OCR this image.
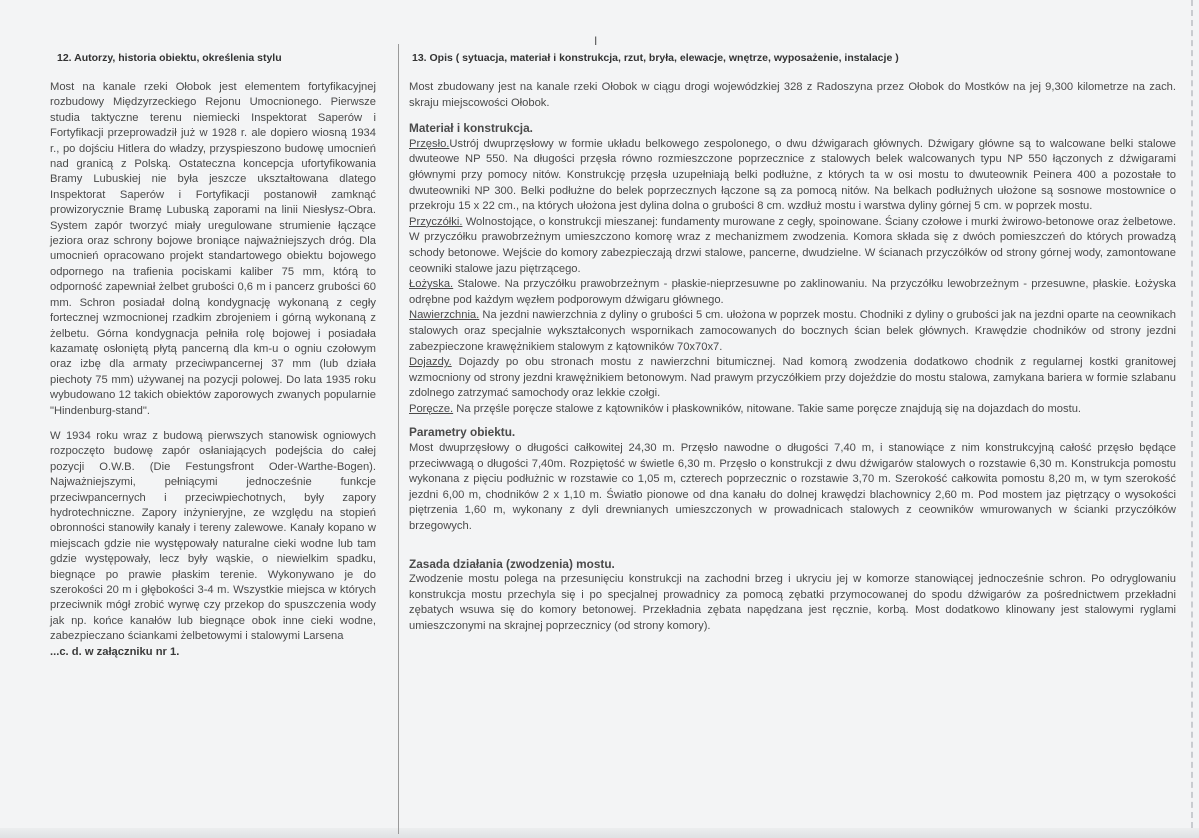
I
12. Autorzy, historia obiektu, określenia stylu	13. Opis ( sytuacja, materiał i konstrukcja, rzut, bryła, elewacje, wnętrze, wyposażenie, instalacje )

Most na kanale rzeki Ołobok jest elementem fortyfikacyjnej rozbudowy Międzyrzeckiego Rejonu Umocnionego. Pierwsze studia taktyczne terenu niemiecki Inspektorat Saperów i Fortyfikacji przeprowadził już w 1928 r. ale dopiero wiosną 1934 r., po dojściu Hitlera do władzy, przyspieszono budowę umocnień nad granicą z Polską. Ostateczna koncepcja ufortyfikowania Bramy Lubuskiej nie była jeszcze ukształtowana dlatego Inspektorat Saperów i Fortyfikacji postanowił zamknąć prowizorycznie Bramę Lubuską zaporami na linii Niesłysz-Obra. System zapór tworzyć miały uregulowane strumienie łączące jeziora oraz schrony bojowe broniące najważniejszych dróg. Dla umocnień opracowano projekt standartowego obiektu bojowego odpornego na trafienia pociskami kaliber 75 mm, którą to odporność zapewniał żelbet grubości 0,6 m i pancerz grubości 60 mm. Schron posiadał dolną kondygnację wykonaną z cegły fortecznej wzmocnionej rzadkim zbrojeniem i górną wykonaną z żelbetu. Górna kondygnacja pełniła rolę bojowej i posiadała kazamatę osłoniętą płytą pancerną dla km-u o ogniu czołowym oraz izbę dla armaty przeciwpancernej 37 mm (lub działa piechoty 75 mm) używanej na pozycji polowej. Do lata 1935 roku wybudowano 12 takich obiektów zaporowych zwanych popularnie "Hindenburg-stand".

W 1934 roku wraz z budową pierwszych stanowisk ogniowych rozpoczęto budowę zapór osłaniających podejścia do całej pozycji O.W.B. (Die Festungsfront Oder-Warthe-Bogen). Najważniejszymi, pełniącymi jednocześnie funkcje przeciwpancernych i przeciwpiechotnych, były zapory hydrotechniczne. Zapory inżynieryjne, ze względu na stopień obronności stanowiły kanały i tereny zalewowe. Kanały kopano w miejscach gdzie nie występowały naturalne cieki wodne lub tam gdzie występowały, lecz były wąskie, o niewielkim spadku, biegnące po prawie płaskim terenie. Wykonywano je do szerokości 20 m i głębokości 3-4 m. Wszystkie miejsca w których przeciwnik mógł zrobić wyrwę czy przekop do spuszczenia wody jak np. końce kanałów lub biegnące obok inne cieki wodne, zabezpieczano ściankami żelbetowymi i stalowymi Larsena

...c. d. w załączniku nr 1.

Most zbudowany jest na kanale rzeki Ołobok w ciągu drogi wojewódzkiej 328 z Radoszyna przez Ołobok do Mostków na jej 9,300 kilometrze na zach. skraju miejscowości Ołobok.

Materiał i konstrukcja.

Przęsło.Ustrój dwuprzęsłowy w formie układu belkowego zespolonego, o dwu dźwigarach głównych. Dźwigary główne są to walcowane belki stalowe dwuteowe NP 550. Na długości przęsła równo rozmieszczone poprzecznice z stalowych belek walcowanych typu NP 550 łączonych z dźwigarami głównymi przy pomocy nitów. Konstrukcję przęsła uzupełniają belki podłużne, z których ta w osi mostu to dwuteownik Peinera 400 a pozostałe to dwuteowniki NP 300. Belki podłużne do belek poprzecznych łączone są za pomocą nitów. Na belkach podłużnych ułożone są sosnowe mostownice o przekroju 15 x 22 cm., na których ułożona jest dylina dolna o grubości 8 cm. wzdłuż mostu i warstwa dyliny górnej 5 cm. w poprzek mostu.

Przyczółki. Wolnostojące, o konstrukcji mieszanej: fundamenty murowane z cegły, spoinowane. Ściany czołowe i murki żwirowo-betonowe oraz żelbetowe. W przyczółku prawobrzeżnym umieszczono komorę wraz z mechanizmem zwodzenia. Komora składa się z dwóch pomieszczeń do których prowadzą schody betonowe. Wejście do komory zabezpieczają drzwi stalowe, pancerne, dwudzielne. W ścianach przyczółków od strony górnej wody, zamontowane ceowniki stalowe jazu piętrzącego.

Łożyska. Stalowe. Na przyczółku prawobrzeżnym - płaskie-nieprzesuwne po zaklinowaniu. Na przyczółku lewobrzeżnym - przesuwne, płaskie. Łożyska odrębne pod każdym węzłem podporowym dźwigaru głównego.

Nawierzchnia. Na jezdni nawierzchnia z dyliny o grubości 5 cm. ułożona w poprzek mostu. Chodniki z dyliny o grubości jak na jezdni oparte na ceownikach stalowych oraz specjalnie wykształconych wspornikach zamocowanych do bocznych ścian belek głównych. Krawędzie chodników od strony jezdni zabezpieczone krawężnikiem stalowym z kątowników 70x70x7.

Dojazdy. Dojazdy po obu stronach mostu z nawierzchni bitumicznej. Nad komorą zwodzenia dodatkowo chodnik z regularnej kostki granitowej wzmocniony od strony jezdni krawężnikiem betonowym. Nad prawym przyczółkiem przy dojeździe do mostu stalowa, zamykana bariera w formie szlabanu zdolnego zatrzymać samochody oraz lekkie czołgi.

Poręcze. Na przęśle poręcze stalowe z kątowników i płaskowników, nitowane. Takie same poręcze znajdują się na dojazdach do mostu.

Parametry obiektu.

Most dwuprzęsłowy o długości całkowitej 24,30 m. Przęsło nawodne o długości 7,40 m, i stanowiące z nim konstrukcyjną całość przęsło będące przeciwwagą o długości 7,40m. Rozpiętość w świetle 6,30 m. Przęsło o konstrukcji z dwu dźwigarów stalowych o rozstawie 6,30 m. Konstrukcja pomostu wykonana z pięciu podłużnic w rozstawie co 1,05 m, czterech poprzecznic o rozstawie 3,70 m. Szerokość całkowita pomostu 8,20 m, w tym szerokość jezdni 6,00 m, chodników 2 x 1,10 m. Światło pionowe od dna kanału do dolnej krawędzi blachownicy 2,60 m. Pod mostem jaz piętrzący o wysokości piętrzenia 1,60 m, wykonany z dyli drewnianych umieszczonych w prowadnicach stalowych z ceowników wmurowanych w ścianki przyczółków brzegowych.

Zasada działania (zwodzenia) mostu.

Zwodzenie mostu polega na przesunięciu konstrukcji na zachodni brzeg i ukryciu jej w komorze stanowiącej jednocześnie schron. Po odryglowaniu konstrukcja mostu przechyla się i po specjalnej prowadnicy za pomocą zębatki przymocowanej do spodu dźwigarów za pośrednictwem przekładni zębatych wsuwa się do komory betonowej. Przekładnia zębata napędzana jest ręcznie, korbą. Most dodatkowo klinowany jest stalowymi ryglami umieszczonymi na skrajnej poprzecznicy (od strony komory).
